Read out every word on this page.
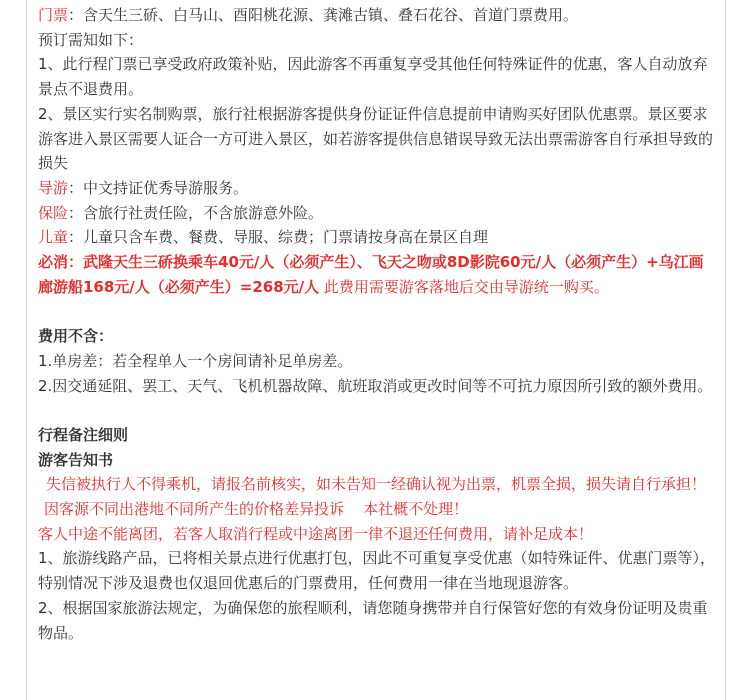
门票：含天生三硚、白马山、酉阳桃花源、龚滩古镇、叠石花谷、首道门票费用。
预订需知如下：
1、此行程门票已享受政府政策补贴，因此游客不再重复享受其他任何特殊证件的优惠，客人自动放弃景点不退费用。
2、景区实行实名制购票，旅行社根据游客提供身份证证件信息提前申请购买好团队优惠票。景区要求游客进入景区需要人证合一方可进入景区，如若游客提供信息错误导致无法出票需游客自行承担导致的损失
导游：中文持证优秀导游服务。
保险：含旅行社责任险，不含旅游意外险。
儿童：儿童只含车费、餐费、导服、综费；门票请按身高在景区自理
必消：武隆天生三硚换乘车40元/人（必须产生）、飞天之吻或8D影院60元/人（必须产生）+乌江画廊游船168元/人（必须产生）=268元/人 此费用需要游客落地后交由导游统一购买。
费用不含：
1.单房差：若全程单人一个房间请补足单房差。
2.因交通延阻、罢工、天气、飞机机器故障、航班取消或更改时间等不可抗力原因所引致的额外费用。
行程备注细则
游客告知书
失信被执行人不得乘机，请报名前核实，如未告知一经确认视为出票，机票全损，损失请自行承担！
因客源不同出港地不同所产生的价格差异投诉    本社概不处理！
客人中途不能离团，若客人取消行程或中途离团一律不退还任何费用，请补足成本！
1、旅游线路产品，已将相关景点进行优惠打包，因此不可重复享受优惠（如特殊证件、优惠门票等），特别情况下涉及退费也仅退回优惠后的门票费用，任何费用一律在当地现退游客。
2、根据国家旅游法规定，为确保您的旅程顺利，请您随身携带并自行保管好您的有效身份证明及贵重物品。
